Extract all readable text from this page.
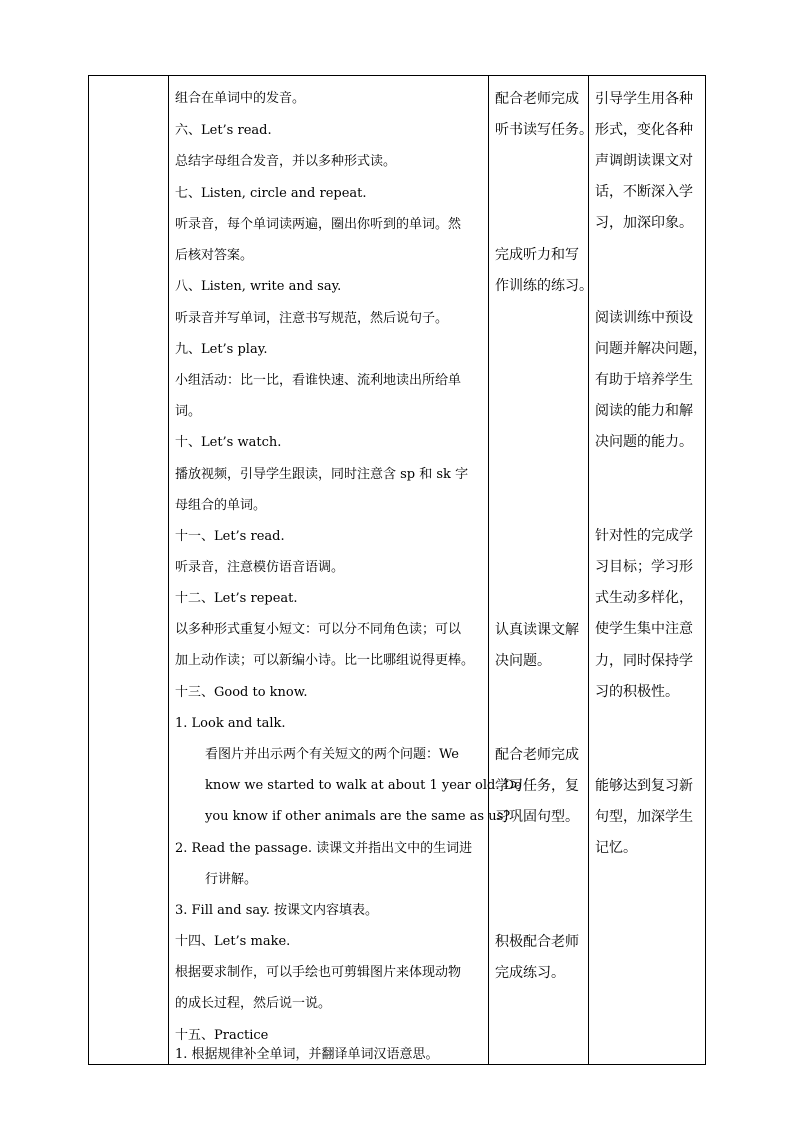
组合在单词中的发音。
六、Let’s read.
总结字母组合发音，并以多种形式读。
七、Listen, circle and repeat.
听录音，每个单词读两遍，圈出你听到的单词。然
后核对答案。
八、Listen, write and say.
听录音并写单词，注意书写规范，然后说句子。
九、Let’s play.
小组活动：比一比，看谁快速、流利地读出所给单
词。
十、Let’s watch.
播放视频，引导学生跟读，同时注意含 sp 和 sk 字
母组合的单词。
十一、Let’s read.
听录音，注意模仿语音语调。
十二、Let’s repeat.
以多种形式重复小短文：可以分不同角色读；可以
加上动作读；可以新编小诗。比一比哪组说得更棒。
十三、Good to know.
1. Look and talk.
看图片并出示两个有关短文的两个问题：We
know we started to walk at about 1 year old. Do
you know if other animals are the same as us?
2. Read the passage. 读课文并指出文中的生词进
行讲解。
3. Fill and say. 按课文内容填表。
十四、Let’s make.
根据要求制作，可以手绘也可剪辑图片来体现动物
的成长过程，然后说一说。
十五、Practice
1. 根据规律补全单词，并翻译单词汉语意思。
配合老师完成
听书读写任务。
完成听力和写
作训练的练习。
认真读课文解
决问题。
配合老师完成
学习任务，复
习巩固句型。
积极配合老师
完成练习。
引导学生用各种
形式，变化各种
声调朗读课文对
话，不断深入学
习，加深印象。
阅读训练中预设
问题并解决问题，
有助于培养学生
阅读的能力和解
决问题的能力。
针对性的完成学
习目标；学习形
式生动多样化，
使学生集中注意
力，同时保持学
习的积极性。
能够达到复习新
句型，加深学生
记忆。
